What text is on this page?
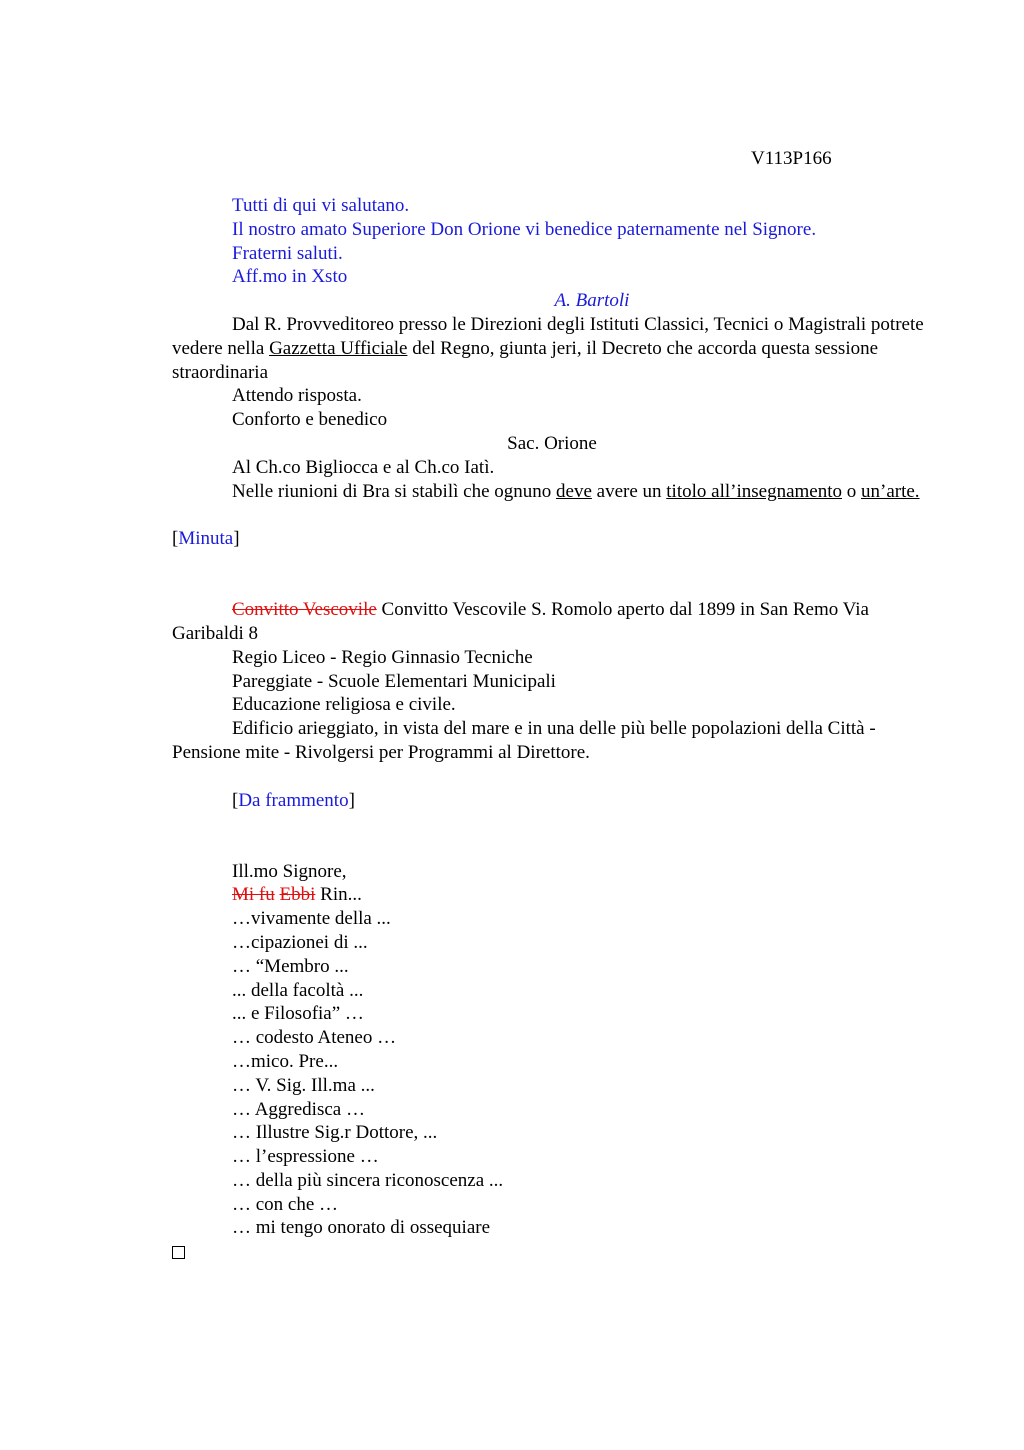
V113P166

Tutti di qui vi salutano.

Il nostro amato Superiore Don Orione vi benedice paternamente nel Signore.

Fraterni saluti.

Aff.mo in Xsto

A. Bartoli

Dal R. Provveditoreo presso le Direzioni degli Istituti Classici, Tecnici o Magistrali potrete vedere nella Gazzetta Ufficiale del Regno, giunta jeri, il Decreto che accorda questa sessione straordinaria

Attendo risposta.

Conforto e benedico

Sac. Orione

Al Ch.co Bigliocca e al Ch.co Iatì.

Nelle riunioni di Bra si stabilì che ognuno deve avere un titolo all’insegnamento o un’arte.

[Minuta]

Convitto Vescovile Convitto Vescovile S. Romolo aperto dal 1899 in San Remo Via Garibaldi 8

Regio Liceo - Regio Ginnasio Tecniche

Pareggiate - Scuole Elementari Municipali

Educazione religiosa e civile.

Edificio arieggiato, in vista del mare e in una delle più belle popolazioni della Città - Pensione mite - Rivolgersi per Programmi al Direttore.

[Da frammento]

Ill.mo Signore,

Mi fu Ebbi Rin...

…vivamente della ...

…cipazionei di ...

… “Membro ...

... della facoltà ...

... e Filosofia” …

… codesto Ateneo …

…mico. Pre...

… V. Sig. Ill.ma ...

… Aggredisca …

… Illustre Sig.r Dottore, ...

… l’espressione …

… della più sincera riconoscenza ...

… con che …

… mi tengo onorato di ossequiare
